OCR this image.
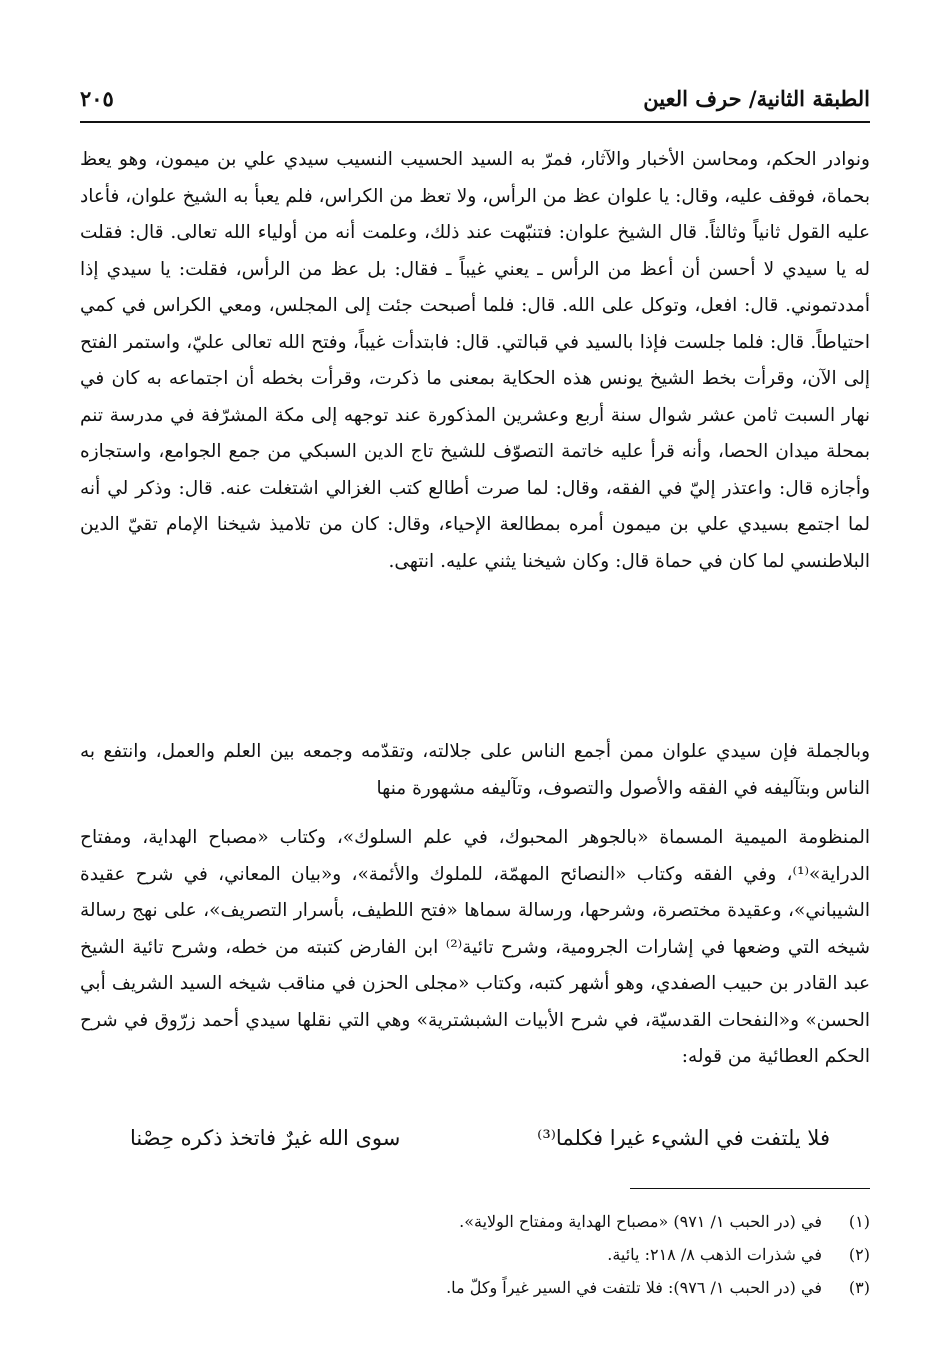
الطبقة الثانية/ حرف العين
٢٠٥

ونوادر الحكم، ومحاسن الأخبار والآثار، فمرّ به السيد الحسيب النسيب سيدي علي بن ميمون، وهو يعظ بحماة، فوقف عليه، وقال: يا علوان عظ من الرأس، ولا تعظ من الكراس، فلم يعبأ به الشيخ علوان، فأعاد عليه القول ثانياً وثالثاً. قال الشيخ علوان: فتنبّهت عند ذلك، وعلمت أنه من أولياء الله تعالى. قال: فقلت له يا سيدي لا أحسن أن أعظ من الرأس ـ يعني غيباً ـ فقال: بل عظ من الرأس، فقلت: يا سيدي إذا أمددتموني. قال: افعل، وتوكل على الله. قال: فلما أصبحت جئت إلى المجلس، ومعي الكراس في كمي احتياطاً. قال: فلما جلست فإذا بالسيد في قبالتي. قال: فابتدأت غيباً، وفتح الله تعالى عليّ، واستمر الفتح إلى الآن، وقرأت بخط الشيخ يونس هذه الحكاية بمعنى ما ذكرت، وقرأت بخطه أن اجتماعه به كان في نهار السبت ثامن عشر شوال سنة أربع وعشرين المذكورة عند توجهه إلى مكة المشرّفة في مدرسة تنم بمحلة ميدان الحصا، وأنه قرأ عليه خاتمة التصوّف للشيخ تاج الدين السبكي من جمع الجوامع، واستجازه وأجازه قال: واعتذر إليّ في الفقه، وقال: لما صرت أطالع كتب الغزالي اشتغلت عنه. قال: وذكر لي أنه لما اجتمع بسيدي علي بن ميمون أمره بمطالعة الإحياء، وقال: كان من تلاميذ شيخنا الإمام تقيّ الدين البلاطنسي لما كان في حماة قال: وكان شيخنا يثني عليه. انتهى.

وبالجملة فإن سيدي علوان ممن أجمع الناس على جلالته، وتقدّمه وجمعه بين العلم والعمل، وانتفع به الناس وبتآليفه في الفقه والأصول والتصوف، وتآليفه مشهورة منها

المنظومة الميمية المسماة «بالجوهر المحبوك، في علم السلوك»، وكتاب «مصباح الهداية، ومفتاح الدراية»⁽¹⁾، وفي الفقه وكتاب «النصائح المهمّة، للملوك والأئمة»، و«بيان المعاني، في شرح عقيدة الشيباني»، وعقيدة مختصرة، وشرحها، ورسالة سماها «فتح اللطيف، بأسرار التصريف»، على نهج رسالة شيخه التي وضعها في إشارات الجرومية، وشرح تائية⁽²⁾ ابن الفارض كتبته من خطه، وشرح تائية الشيخ عبد القادر بن حبيب الصفدي، وهو أشهر كتبه، وكتاب «مجلى الحزن في مناقب شيخه السيد الشريف أبي الحسن» و«النفحات القدسيّة، في شرح الأبيات الشبشترية» وهي التي نقلها سيدي أحمد زرّوق في شرح الحكم العطائية من قوله:

فلا يلتفت في الشيء غيرا فكلما⁽³⁾
سوى الله غيرٌ فاتخذ ذكره حِصْنا
(١)
في (در الحبب ١/ ٩٧١) «مصباح الهداية ومفتاح الولاية».
(٢)
في شذرات الذهب ٨/ ٢١٨: يائية.
(٣)
في (در الحبب ١/ ٩٧٦): فلا تلتفت في السير غيراً وكلّ ما.
